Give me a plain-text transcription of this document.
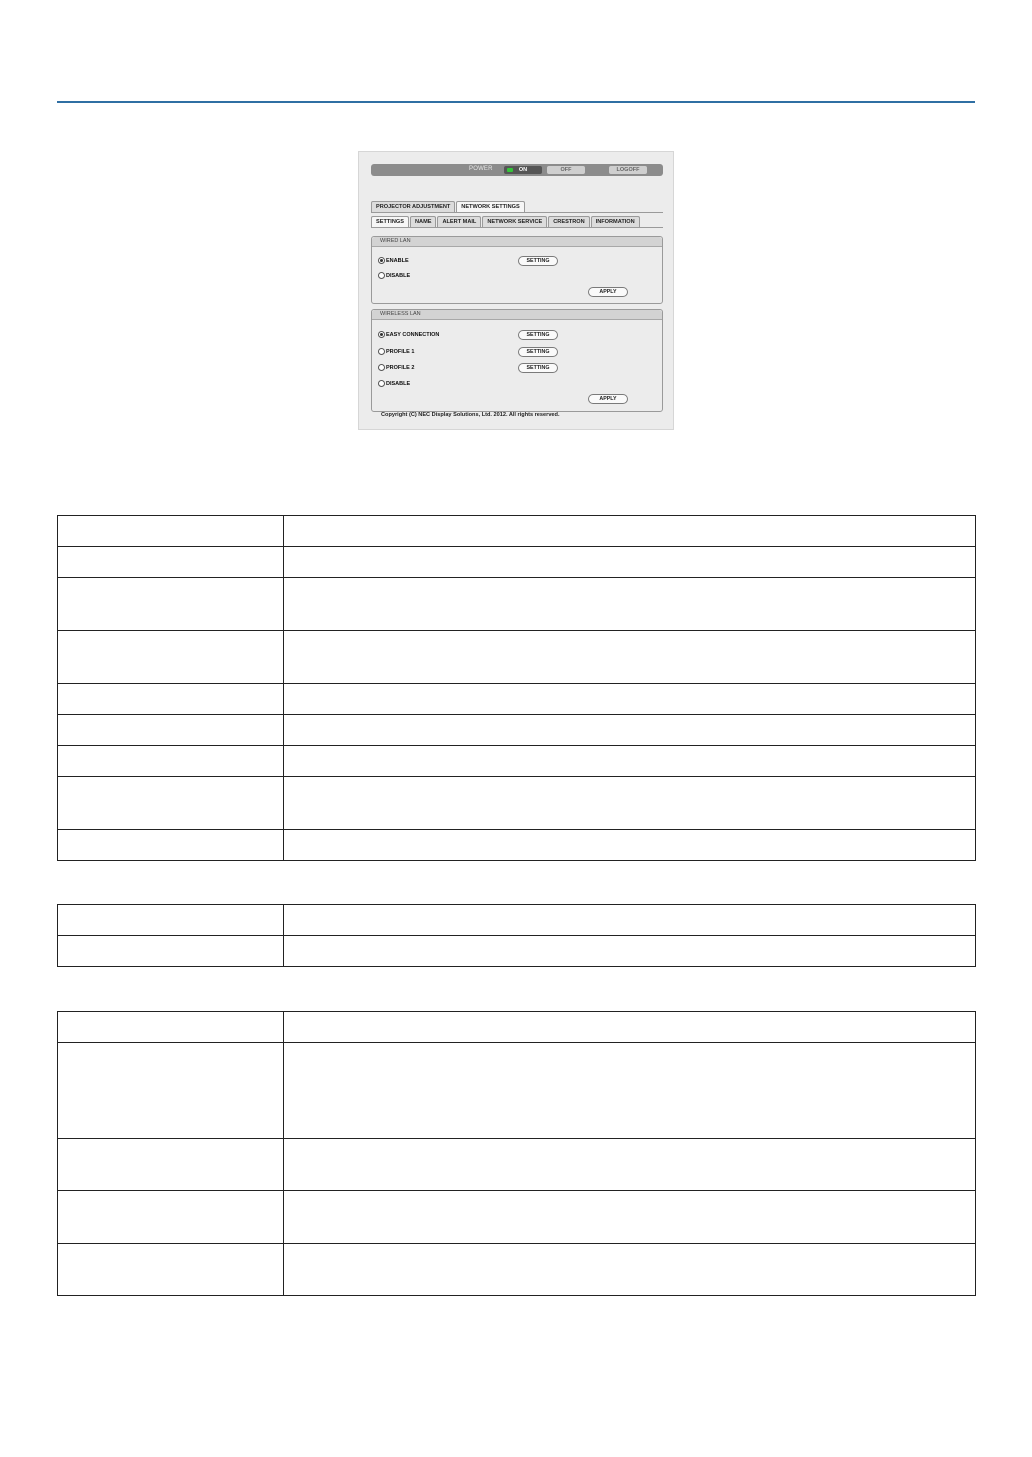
POWER	ON	OFF	LOGOFF
PROJECTOR ADJUSTMENT	NETWORK SETTINGS
SETTINGS	NAME	ALERT MAIL	NETWORK SERVICE	CRESTRON	INFORMATION
WIRED LAN
ENABLE
DISABLE
SETTING
APPLY
WIRELESS LAN
EASY CONNECTION
PROFILE 1
PROFILE 2
DISABLE
SETTING
SETTING
SETTING
APPLY
Copyright (C) NEC Display Solutions, Ltd. 2012. All rights reserved.
